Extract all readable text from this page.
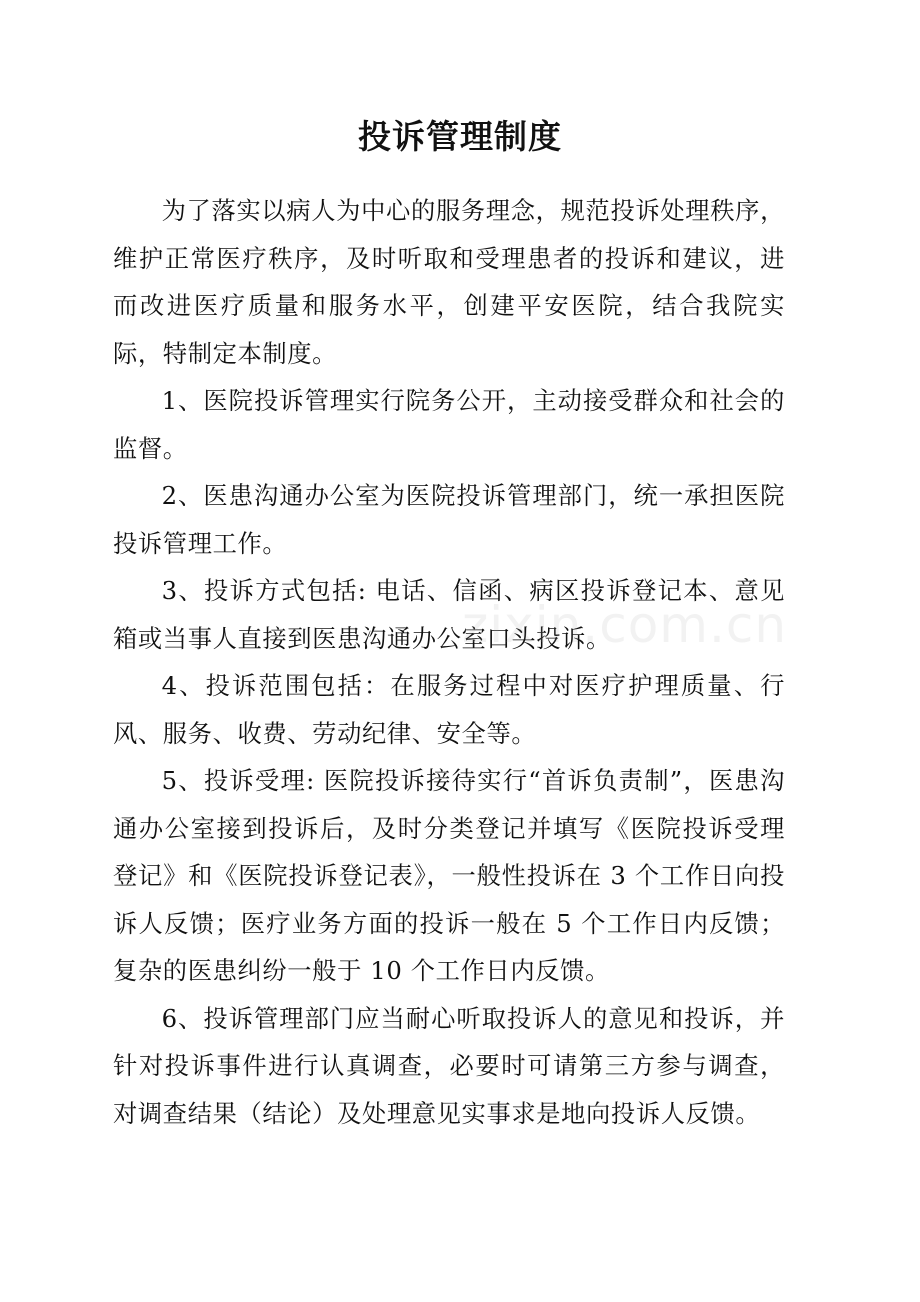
投诉管理制度

为了落实以病人为中心的服务理念，规范投诉处理秩序，维护正常医疗秩序，及时听取和受理患者的投诉和建议，进而改进医疗质量和服务水平，创建平安医院，结合我院实际，特制定本制度。

1、医院投诉管理实行院务公开，主动接受群众和社会的监督。

2、医患沟通办公室为医院投诉管理部门，统一承担医院投诉管理工作。

3、投诉方式包括: 电话、信函、病区投诉登记本、意见箱或当事人直接到医患沟通办公室口头投诉。

4、投诉范围包括：在服务过程中对医疗护理质量、行风、服务、收费、劳动纪律、安全等。

5、投诉受理: 医院投诉接待实行“首诉负责制”，医患沟通办公室接到投诉后，及时分类登记并填写《医院投诉受理登记》和《医院投诉登记表》，一般性投诉在 3 个工作日向投诉人反馈；医疗业务方面的投诉一般在 5 个工作日内反馈；复杂的医患纠纷一般于 10 个工作日内反馈。

6、投诉管理部门应当耐心听取投诉人的意见和投诉，并针对投诉事件进行认真调查，必要时可请第三方参与调查，对调查结果（结论）及处理意见实事求是地向投诉人反馈。

zixin.com.cn
